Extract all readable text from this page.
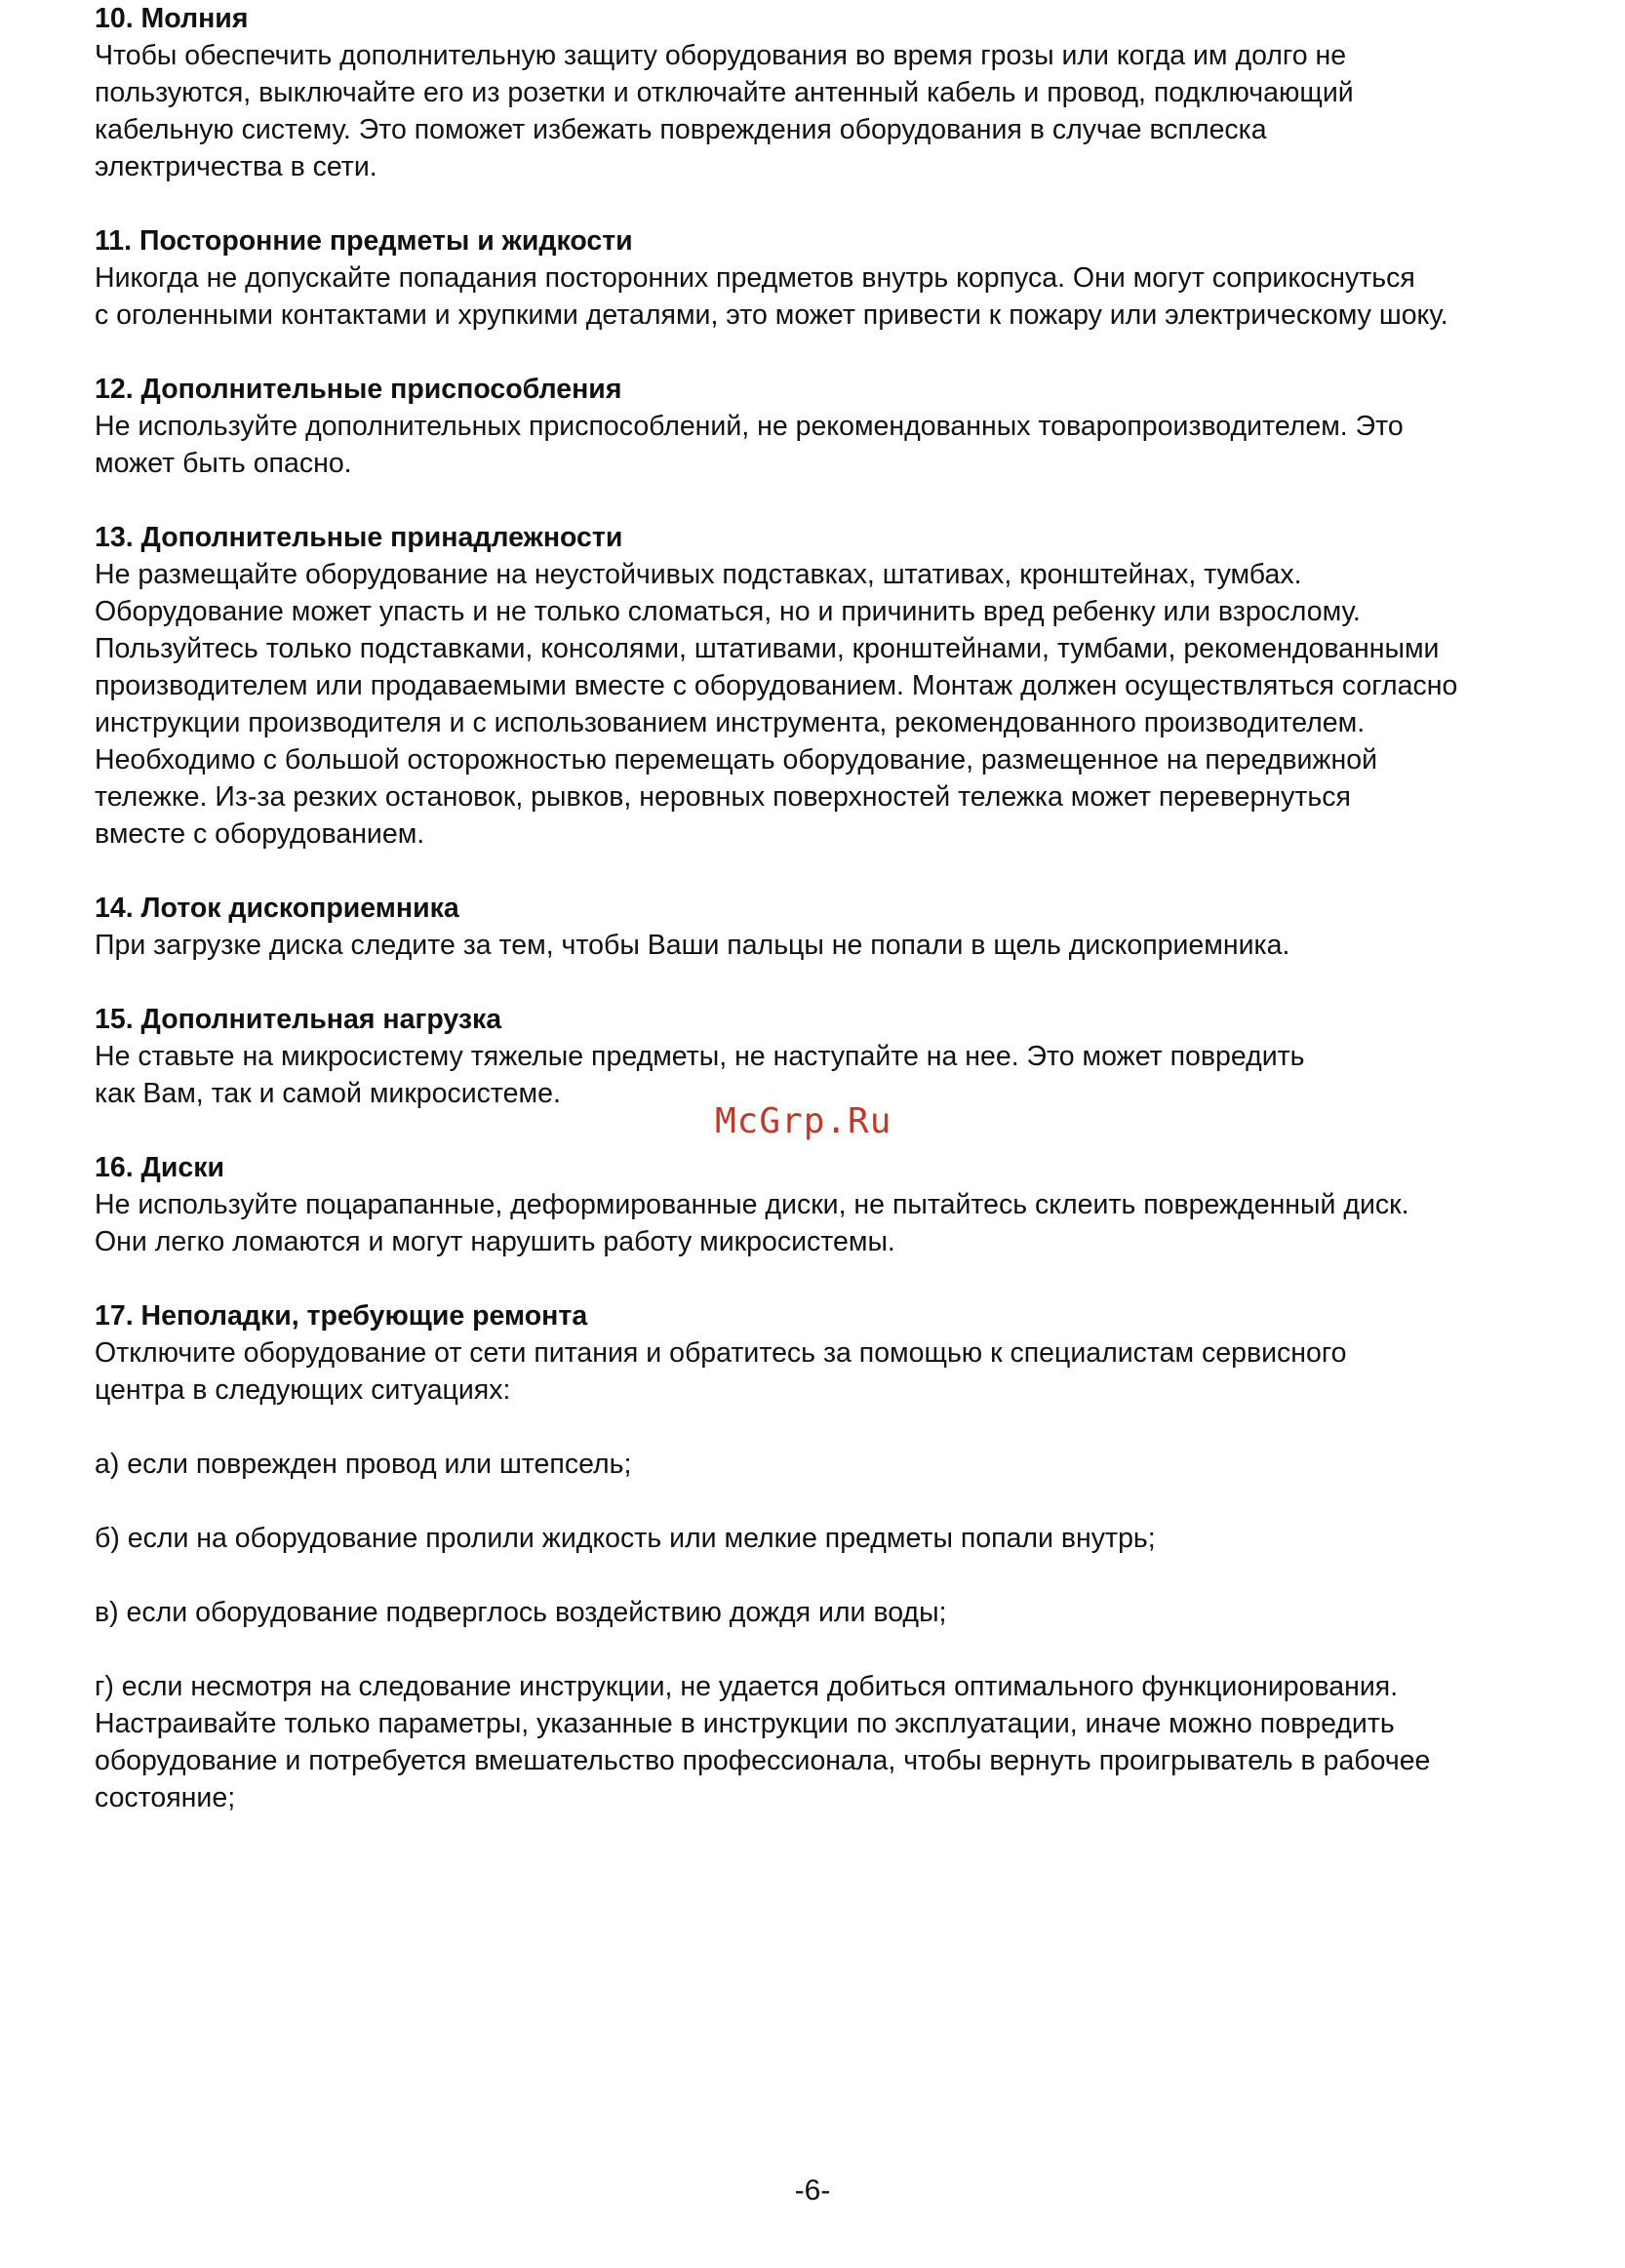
10. Молния
Чтобы обеспечить дополнительную защиту оборудования во время грозы или когда им долго не
пользуются, выключайте его из розетки и отключайте антенный кабель и провод, подключающий
кабельную систему. Это поможет избежать повреждения оборудования в случае всплеска
электричества в сети.
11. Посторонние предметы и жидкости
Никогда не допускайте попадания посторонних предметов внутрь корпуса. Они могут соприкоснуться
с оголенными контактами и хрупкими деталями, это может привести к пожару или электрическому шоку.
12. Дополнительные приспособления
Не используйте дополнительных приспособлений, не рекомендованных товаропроизводителем. Это
может быть опасно.
13. Дополнительные принадлежности
Не размещайте оборудование на неустойчивых подставках, штативах, кронштейнах, тумбах.
Оборудование может упасть и не только сломаться, но и причинить вред ребенку или взрослому.
Пользуйтесь только подставками, консолями, штативами, кронштейнами, тумбами, рекомендованными
производителем или продаваемыми вместе с оборудованием. Монтаж должен осуществляться согласно
инструкции производителя и с использованием инструмента, рекомендованного производителем.
Необходимо с большой осторожностью перемещать оборудование, размещенное на передвижной
тележке. Из-за резких остановок, рывков, неровных поверхностей тележка может перевернуться
вместе с оборудованием.
14. Лоток дископриемника
При загрузке диска следите за тем, чтобы Ваши пальцы не попали в щель дископриемника.
15. Дополнительная нагрузка
Не ставьте на микросистему тяжелые предметы, не наступайте на нее. Это может повредить
как Вам, так и самой микросистеме.
16. Диски
Не используйте поцарапанные, деформированные диски, не пытайтесь склеить поврежденный диск.
Они легко ломаются и могут нарушить работу микросистемы.
17. Неполадки, требующие ремонта
Отключите оборудование от сети питания и обратитесь за помощью к специалистам сервисного
центра в следующих ситуациях:
а) если поврежден провод или штепсель;
б) если на оборудование пролили жидкость или мелкие предметы попали внутрь;
в) если оборудование подверглось воздействию дождя или воды;
г) если несмотря на следование инструкции, не удается добиться оптимального функционирования.
Настраивайте только параметры, указанные в инструкции по эксплуатации, иначе можно повредить
оборудование и потребуется вмешательство профессионала, чтобы вернуть проигрыватель в рабочее
состояние;
McGrp.Ru
-6-
